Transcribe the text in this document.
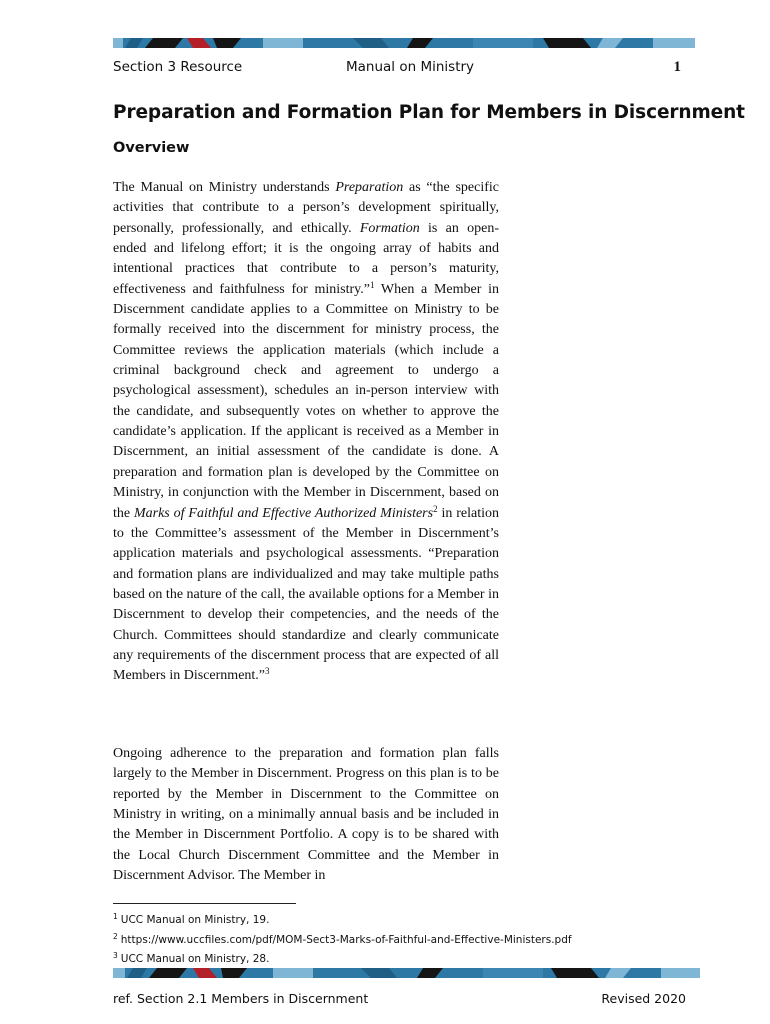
Section 3 Resource	Manual on Ministry	1
Preparation and Formation Plan for Members in Discernment
Overview

The Manual on Ministry understands Preparation as “the specific activities that contribute to a person’s development spiritually, personally, professionally, and ethically. Formation is an open-ended and lifelong effort; it is the ongoing array of habits and intentional practices that contribute to a person’s maturity, effectiveness and faithfulness for ministry.”$^1$ When a Member in Discernment candidate applies to a Committee on Ministry to be formally received into the discernment for ministry process, the Committee reviews the application materials (which include a criminal background check and agreement to undergo a psychological assessment), schedules an in-person interview with the candidate, and subsequently votes on whether to approve the candidate’s application. If the applicant is received as a Member in Discernment, an initial assessment of the candidate is done. A preparation and formation plan is developed by the Committee on Ministry, in conjunction with the Member in Discernment, based on the Marks of Faithful and Effective Authorized Ministers$^2$ in relation to the Committee’s assessment of the Member in Discernment’s application materials and psychological assessments. “Preparation and formation plans are individualized and may take multiple paths based on the nature of the call, the available options for a Member in Discernment to develop their competencies, and the needs of the Church. Committees should standardize and clearly communicate any requirements of the discernment process that are expected of all Members in Discernment.”$^3$

Ongoing adherence to the preparation and formation plan falls largely to the Member in Discernment. Progress on this plan is to be reported by the Member in Discernment to the Committee on Ministry in writing, on a minimally annual basis and be included in the Member in Discernment Portfolio. A copy is to be shared with the Local Church Discernment Committee and the Member in Discernment Advisor. The Member in

$^1$ UCC Manual on Ministry, 19.
$^2$ https://www.uccfiles.com/pdf/MOM-Sect3-Marks-of-Faithful-and-Effective-Ministers.pdf
$^3$ UCC Manual on Ministry, 28.
ref. Section 2.1 Members in Discernment	Revised 2020
